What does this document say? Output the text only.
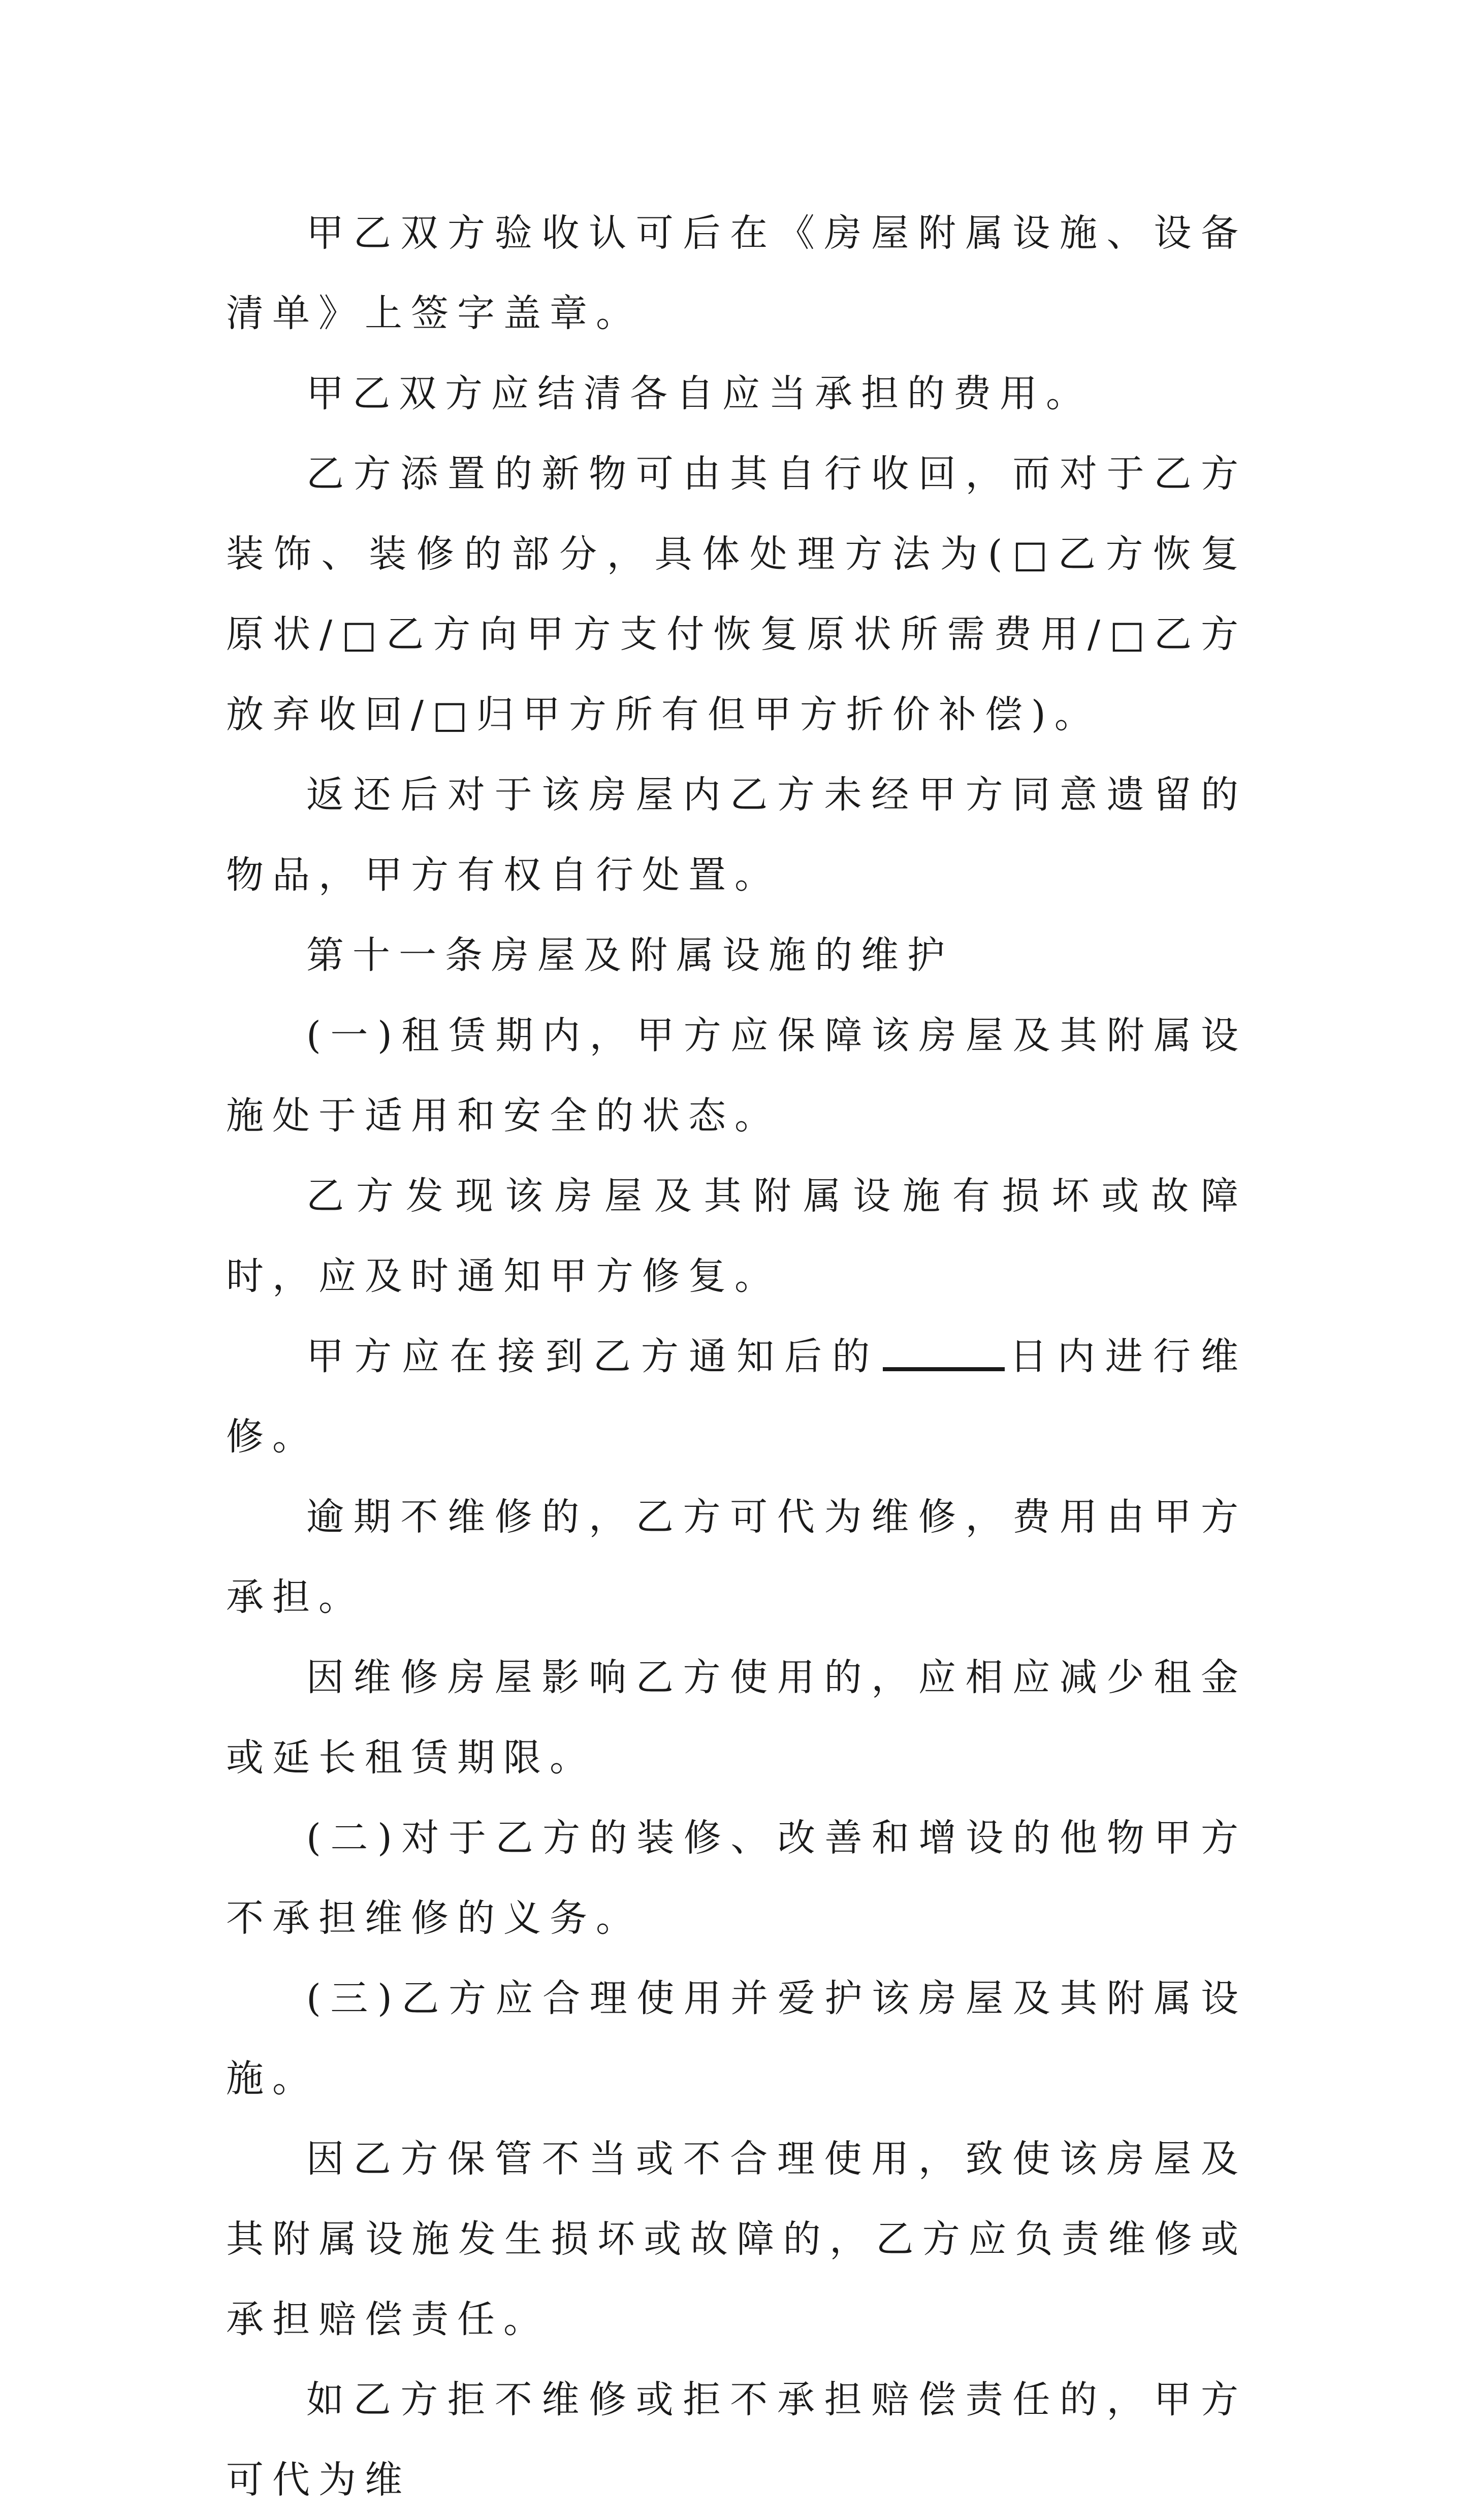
甲乙双方验收认可后在《房屋附属设施、设备清单》上签字盖章。

甲乙双方应结清各自应当承担的费用。

乙方添置的新物可由其自行收回，而对于乙方装饰、装修的部分，具体处理方法为(□乙方恢复原状/□乙方向甲方支付恢复原状所需费用/□乙方放弃收回/□归甲方所有但甲方折价补偿)。

返还后对于该房屋内乙方未经甲方同意遗留的物品，甲方有权自行处置。

第十一条房屋及附属设施的维护

(一)租赁期内，甲方应保障该房屋及其附属设施处于适用和安全的状态。

乙方发现该房屋及其附属设施有损坏或故障时，应及时通知甲方修复。

甲方应在接到乙方通知后的	日内进行维修。

逾期不维修的，乙方可代为维修，费用由甲方承担。

因维修房屋影响乙方使用的，应相应减少租金或延长租赁期限。

(二)对于乙方的装修、改善和增设的他物甲方不承担维修的义务。

(三)乙方应合理使用并爱护该房屋及其附属设施。

因乙方保管不当或不合理使用，致使该房屋及其附属设施发生损坏或故障的，乙方应负责维修或承担赔偿责任。

如乙方拒不维修或拒不承担赔偿责任的，甲方可代为维
